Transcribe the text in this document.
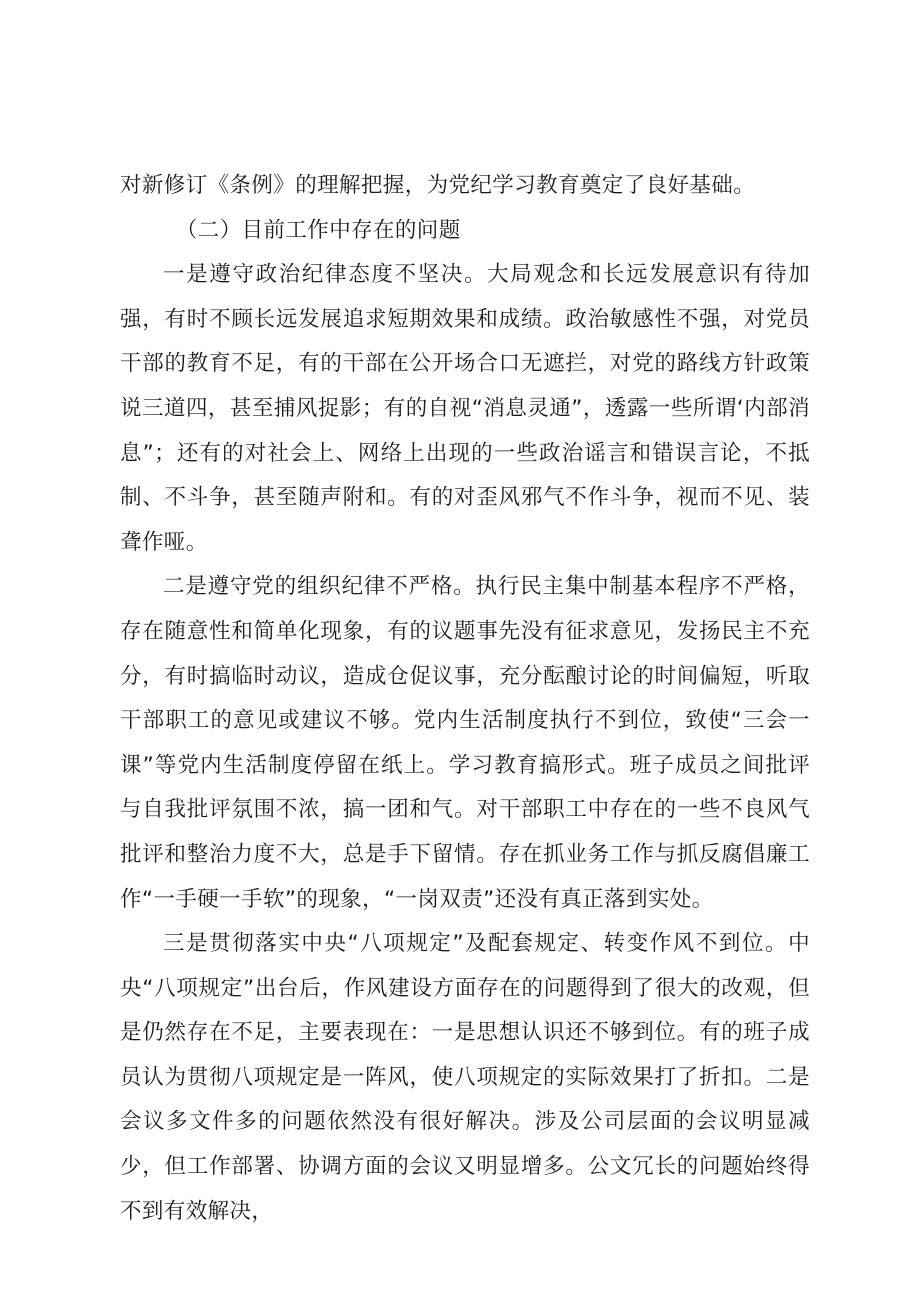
对新修订《条例》的理解把握，为党纪学习教育奠定了良好基础。

（二）目前工作中存在的问题

一是遵守政治纪律态度不坚决。大局观念和长远发展意识有待加强，有时不顾长远发展追求短期效果和成绩。政治敏感性不强，对党员干部的教育不足，有的干部在公开场合口无遮拦，对党的路线方针政策说三道四，甚至捕风捉影；有的自视“消息灵通”，透露一些所谓‘内部消息”；还有的对社会上、网络上出现的一些政治谣言和错误言论，不抵制、不斗争，甚至随声附和。有的对歪风邪气不作斗争，视而不见、装聋作哑。

二是遵守党的组织纪律不严格。执行民主集中制基本程序不严格，存在随意性和简单化现象，有的议题事先没有征求意见，发扬民主不充分，有时搞临时动议，造成仓促议事，充分酝酿讨论的时间偏短，听取干部职工的意见或建议不够。党内生活制度执行不到位，致使“三会一课”等党内生活制度停留在纸上。学习教育搞形式。班子成员之间批评与自我批评氛围不浓，搞一团和气。对干部职工中存在的一些不良风气批评和整治力度不大，总是手下留情。存在抓业务工作与抓反腐倡廉工作“一手硬一手软”的现象，“一岗双责”还没有真正落到实处。

三是贯彻落实中央“八项规定”及配套规定、转变作风不到位。中央“八项规定”出台后，作风建设方面存在的问题得到了很大的改观，但是仍然存在不足，主要表现在：一是思想认识还不够到位。有的班子成员认为贯彻八项规定是一阵风，使八项规定的实际效果打了折扣。二是会议多文件多的问题依然没有很好解决。涉及公司层面的会议明显减少，但工作部署、协调方面的会议又明显增多。公文冗长的问题始终得不到有效解决，
